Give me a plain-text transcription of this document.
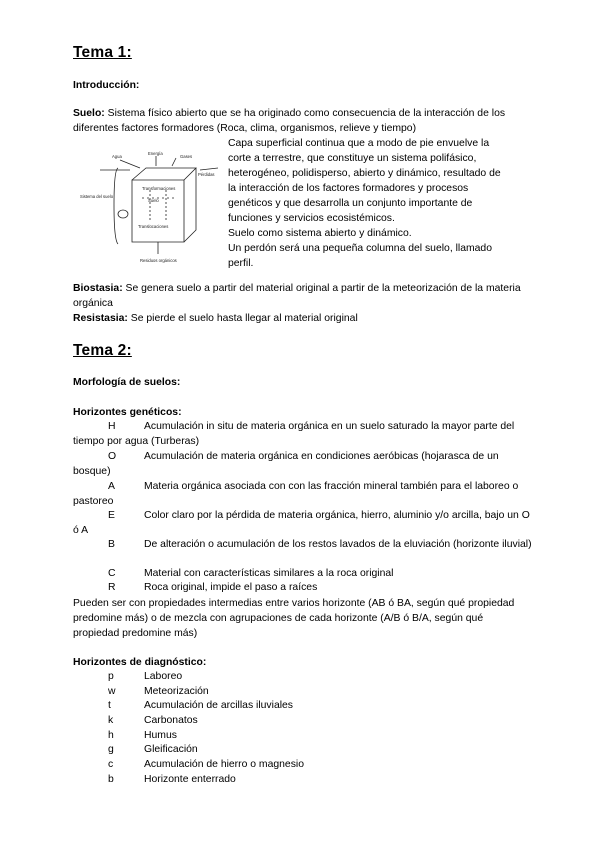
Tema 1:
Introducción:
Suelo: Sistema físico abierto que se ha originado como consecuencia de la interacción de los diferentes factores formadores (Roca, clima, organismos, relieve y tiempo)
Agua
Energía
Transformaciones
Suelo
Gases
Sistema del suelo
Pérdidas
Translocaciones
Residuos orgánicos
Capa superficial continua que a modo de pie envuelve la
corte a terrestre, que constituye un sistema polifásico,
heterogéneo, polidisperso, abierto y dinámico, resultado de
la interacción de los factores formadores y procesos
genéticos y que desarrolla un conjunto importante de
funciones y servicios ecosistémicos.
Suelo como sistema abierto y dinámico.
Un perdón será una pequeña columna del suelo, llamado
perfil.
Biostasia: Se genera suelo a partir del material original a partir de la meteorización de la materia orgánica
Resistasia: Se pierde el suelo hasta llegar al material original
Tema 2:
Morfología de suelos:
Horizontes genéticos:
H	Acumulación in situ de materia orgánica en un suelo saturado la mayor parte del tiempo por agua (Turberas)
O	Acumulación de materia orgánica en condiciones aeróbicas (hojarasca de un bosque)
A	Materia orgánica asociada con con las fracción mineral también para el laboreo o pastoreo
E	Color claro por la pérdida de materia orgánica, hierro, aluminio y/o arcilla, bajo un O ó A
B	De alteración o acumulación de los restos lavados de la eluviación (horizonte iluvial)
C	Material con características similares a la roca original
R	Roca original, impide el paso a raíces
Pueden ser con propiedades intermedias entre varios horizonte (AB ó BA, según qué propiedad predomine más) o de mezcla con agrupaciones de cada horizonte (A/B ó B/A, según qué propiedad predomine más)
Horizontes de diagnóstico:
p	Laboreo
w	Meteorización
t	Acumulación de arcillas iluviales
k	Carbonatos
h	Humus
g	Gleificación
c	Acumulación de hierro o magnesio
b	Horizonte enterrado
